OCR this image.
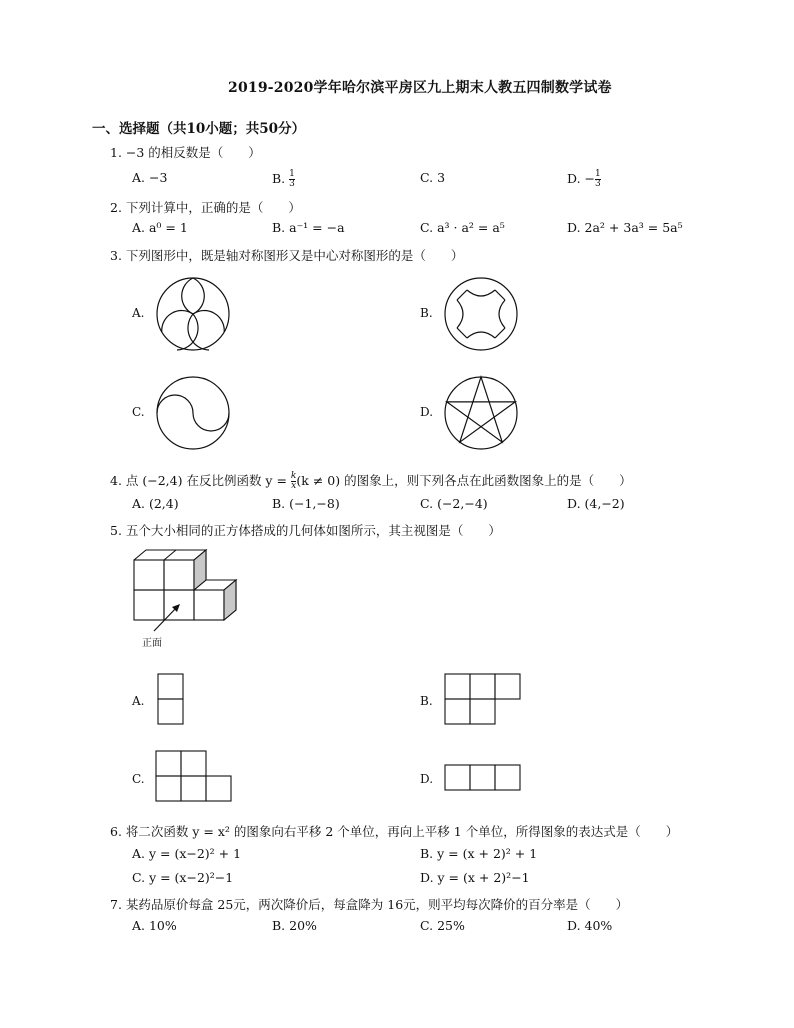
2019-2020学年哈尔滨平房区九上期末人教五四制数学试卷
一、选择题（共10小题；共50分）
1. −3 的相反数是（　　）
A. −3	B. $\frac{1}{3}$	C. 3	D. − $\frac{1}{3}$
2. 下列计算中，正确的是（　　）
A. a⁰ = 1	B. a⁻¹ = −a	C. a³ · a² = a⁵	D. 2a² + 3a³ = 5a⁵
3. 下列图形中，既是轴对称图形又是中心对称图形的是（　　）
A.	B.
C.	D.
4. 点 (−2,4) 在反比例函数 $y = \frac{k}{x} (k \ne 0)$ 的图象上，则下列各点在此函数图象上的是（　　）
A. (2,4)	B. (−1,−8)	C. (−2,−4)	D. (4,−2)
5. 五个大小相同的正方体搭成的几何体如图所示，其主视图是（　　）
正面
A.	B.
C.	D.
6. 将二次函数 y = x² 的图象向右平移 2 个单位，再向上平移 1 个单位，所得图象的表达式是（　　）
A. y = (x−2)² + 1	B. y = (x + 2)² + 1
C. y = (x−2)²−1	D. y = (x + 2)²−1
7. 某药品原价每盒 25元，两次降价后，每盒降为 16元，则平均每次降价的百分率是（　　）
A. 10%	B. 20%	C. 25%	D. 40%
